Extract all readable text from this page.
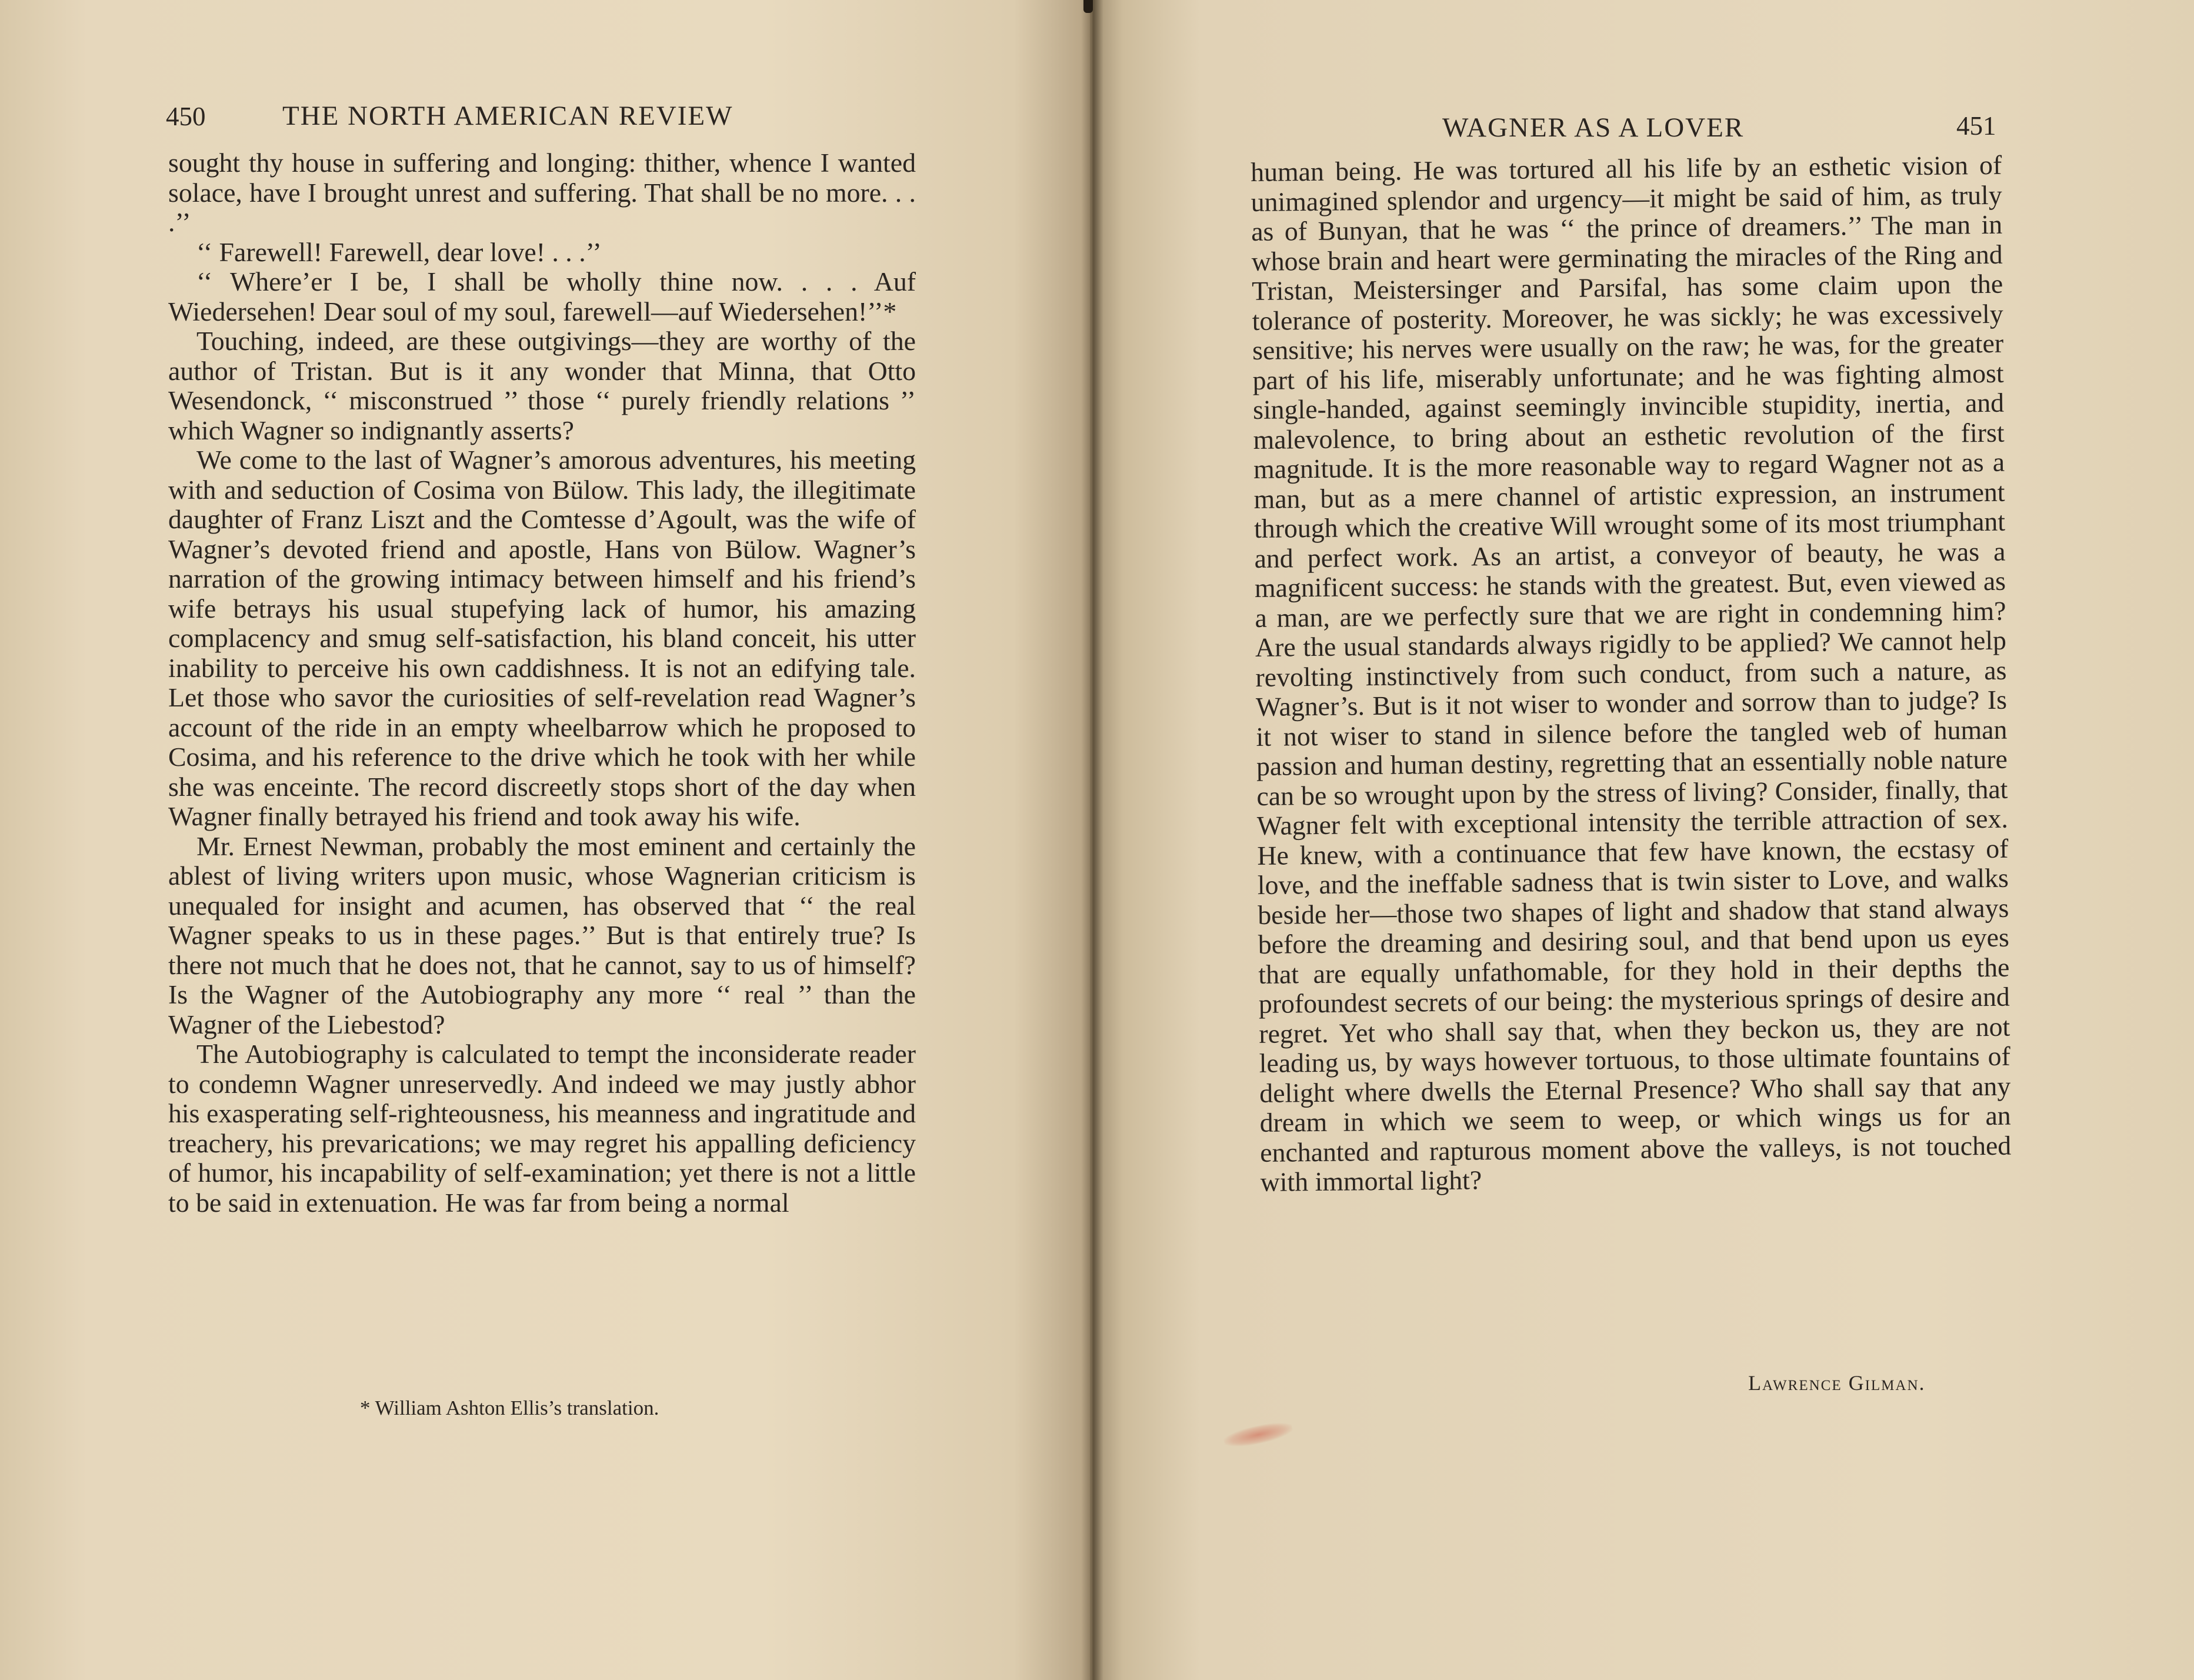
450	THE NORTH AMERICAN REVIEW

sought thy house in suffering and longing: thither, whence I wanted solace, have I brought unrest and suffering. That shall be no more. . . .’’

‘‘ Farewell! Farewell, dear love! . . .’’

‘‘ Where’er I be, I shall be wholly thine now. . . . Auf Wiedersehen! Dear soul of my soul, farewell—auf Wiedersehen!’’*

Touching, indeed, are these outgivings—they are worthy of the author of Tristan. But is it any wonder that Minna, that Otto Wesendonck, ‘‘ misconstrued ’’ those ‘‘ purely friendly relations ’’ which Wagner so indignantly asserts?

We come to the last of Wagner’s amorous adventures, his meeting with and seduction of Cosima von Bülow. This lady, the illegitimate daughter of Franz Liszt and the Comtesse d’Agoult, was the wife of Wagner’s devoted friend and apostle, Hans von Bülow. Wagner’s narration of the growing intimacy between himself and his friend’s wife betrays his usual stupefying lack of humor, his amazing complacency and smug self-satisfaction, his bland conceit, his utter inability to perceive his own caddishness. It is not an edifying tale. Let those who savor the curiosities of self-revelation read Wagner’s account of the ride in an empty wheelbarrow which he proposed to Cosima, and his reference to the drive which he took with her while she was enceinte. The record discreetly stops short of the day when Wagner finally betrayed his friend and took away his wife.

Mr. Ernest Newman, probably the most eminent and certainly the ablest of living writers upon music, whose Wagnerian criticism is unequaled for insight and acumen, has observed that ‘‘ the real Wagner speaks to us in these pages.’’ But is that entirely true? Is there not much that he does not, that he cannot, say to us of himself? Is the Wagner of the Autobiography any more ‘‘ real ’’ than the Wagner of the Liebestod?

The Autobiography is calculated to tempt the inconsiderate reader to condemn Wagner unreservedly. And indeed we may justly abhor his exasperating self-righteousness, his meanness and ingratitude and treachery, his prevarications; we may regret his appalling deficiency of humor, his incapability of self-examination; yet there is not a little to be said in extenuation. He was far from being a normal

* William Ashton Ellis’s translation.
WAGNER AS A LOVER	451

human being. He was tortured all his life by an esthetic vision of unimagined splendor and urgency—it might be said of him, as truly as of Bunyan, that he was ‘‘ the prince of dreamers.’’ The man in whose brain and heart were germinating the miracles of the Ring and Tristan, Meistersinger and Parsifal, has some claim upon the tolerance of posterity. Moreover, he was sickly; he was excessively sensitive; his nerves were usually on the raw; he was, for the greater part of his life, miserably unfortunate; and he was fighting almost single-handed, against seemingly invincible stupidity, inertia, and malevolence, to bring about an esthetic revolution of the first magnitude. It is the more reasonable way to regard Wagner not as a man, but as a mere channel of artistic expression, an instrument through which the creative Will wrought some of its most triumphant and perfect work. As an artist, a conveyor of beauty, he was a magnificent success: he stands with the greatest. But, even viewed as a man, are we perfectly sure that we are right in condemning him? Are the usual standards always rigidly to be applied? We cannot help revolting instinctively from such conduct, from such a nature, as Wagner’s. But is it not wiser to wonder and sorrow than to judge? Is it not wiser to stand in silence before the tangled web of human passion and human destiny, regretting that an essentially noble nature can be so wrought upon by the stress of living? Consider, finally, that Wagner felt with exceptional intensity the terrible attraction of sex. He knew, with a continuance that few have known, the ecstasy of love, and the ineffable sadness that is twin sister to Love, and walks beside her—those two shapes of light and shadow that stand always before the dreaming and desiring soul, and that bend upon us eyes that are equally unfathomable, for they hold in their depths the profoundest secrets of our being: the mysterious springs of desire and regret. Yet who shall say that, when they beckon us, they are not leading us, by ways however tortuous, to those ultimate fountains of delight where dwells the Eternal Presence? Who shall say that any dream in which we seem to weep, or which wings us for an enchanted and rapturous moment above the valleys, is not touched with immortal light?

Lawrence Gilman.
